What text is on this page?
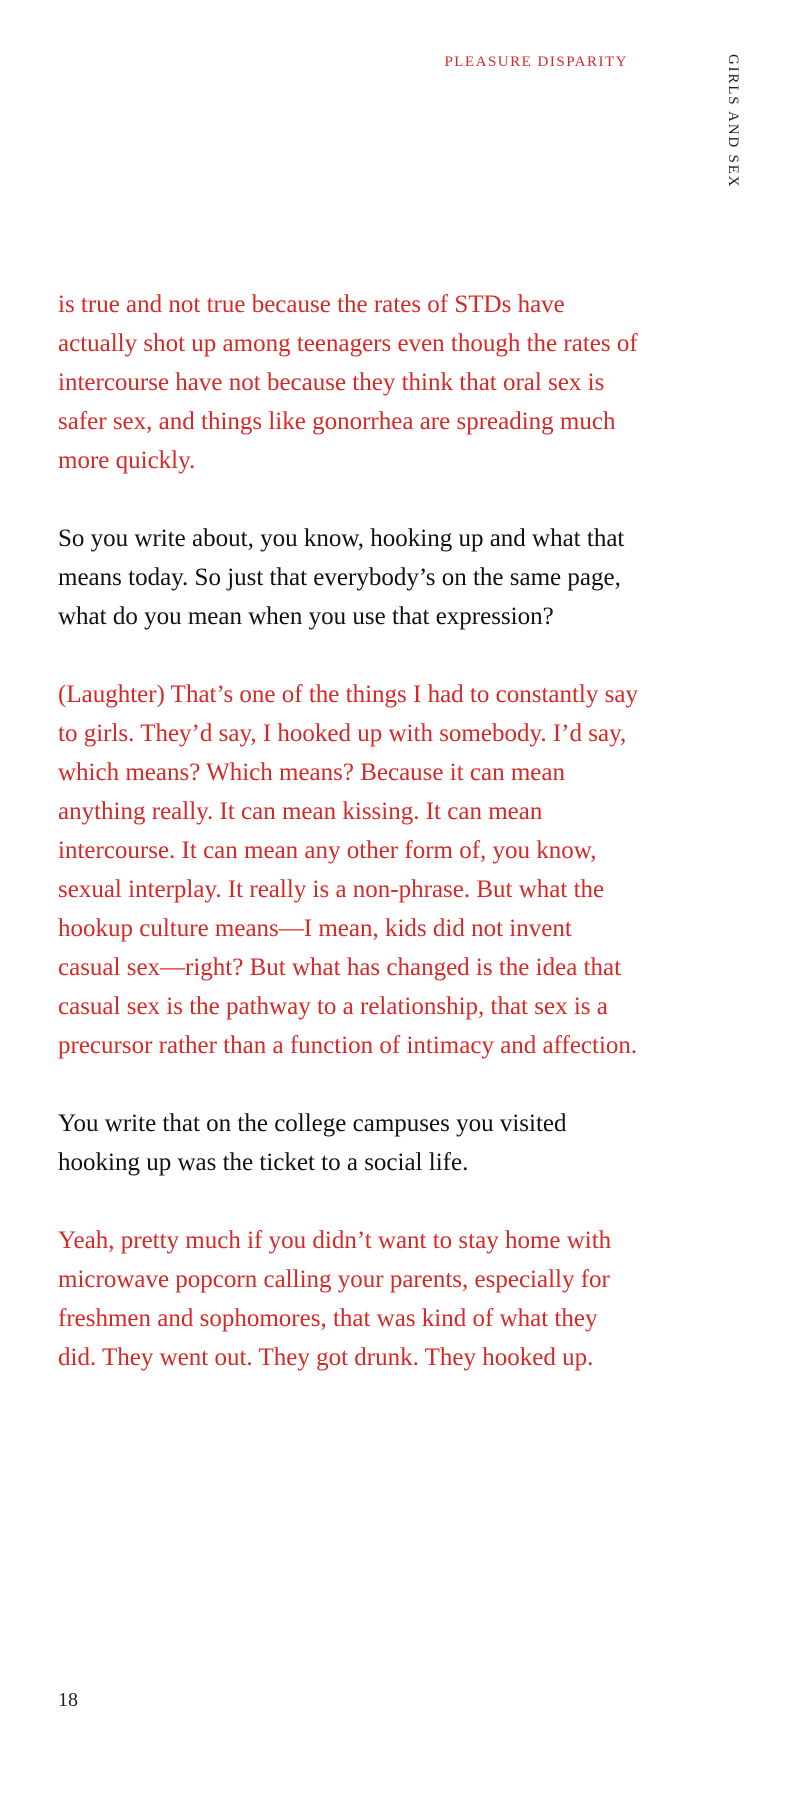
PLEASURE DISPARITY	GIRLS AND SEX

is true and not true because the rates of STDs have actually shot up among teenagers even though the rates of intercourse have not because they think that oral sex is safer sex, and things like gonorrhea are spreading much more quickly.

So you write about, you know, hooking up and what that means today. So just that everybody’s on the same page, what do you mean when you use that expression?

(Laughter) That’s one of the things I had to constantly say to girls. They’d say, I hooked up with somebody. I’d say, which means? Which means? Because it can mean anything really. It can mean kissing. It can mean intercourse. It can mean any other form of, you know, sexual interplay. It really is a non-phrase. But what the hookup culture means—I mean, kids did not invent casual sex—right? But what has changed is the idea that casual sex is the pathway to a relationship, that sex is a precursor rather than a function of intimacy and affection.

You write that on the college campuses you visited hooking up was the ticket to a social life.

Yeah, pretty much if you didn’t want to stay home with microwave popcorn calling your parents, especially for freshmen and sophomores, that was kind of what they did. They went out. They got drunk. They hooked up.

18
